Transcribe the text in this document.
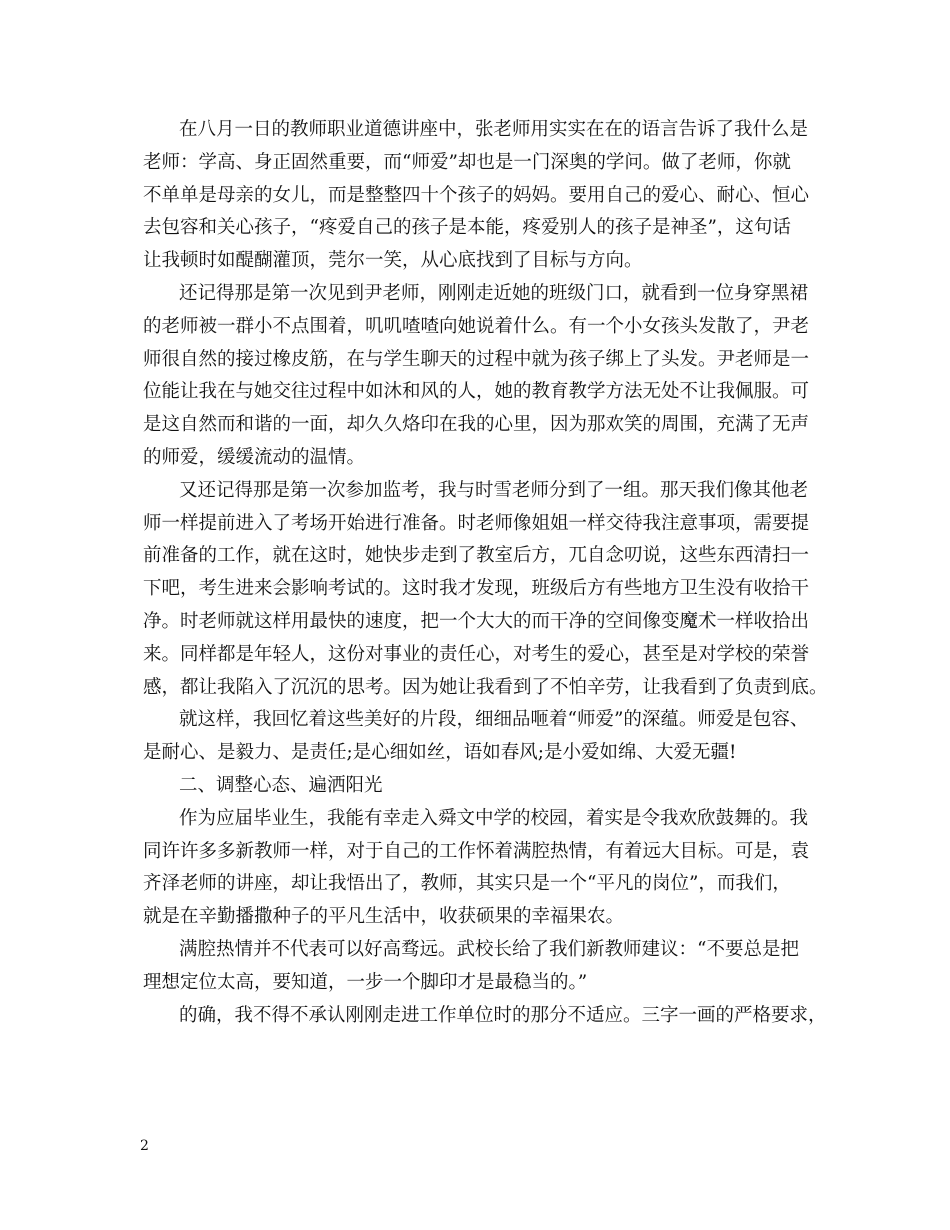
在八月一日的教师职业道德讲座中，张老师用实实在在的语言告诉了我什么是
老师：学高、身正固然重要，而“师爱”却也是一门深奥的学问。做了老师，你就
不单单是母亲的女儿，而是整整四十个孩子的妈妈。要用自己的爱心、耐心、恒心
去包容和关心孩子，“疼爱自己的孩子是本能，疼爱别人的孩子是神圣”，这句话
让我顿时如醍醐灌顶，莞尔一笑，从心底找到了目标与方向。
还记得那是第一次见到尹老师，刚刚走近她的班级门口，就看到一位身穿黑裙
的老师被一群小不点围着，叽叽喳喳向她说着什么。有一个小女孩头发散了，尹老
师很自然的接过橡皮筋，在与学生聊天的过程中就为孩子绑上了头发。尹老师是一
位能让我在与她交往过程中如沐和风的人，她的教育教学方法无处不让我佩服。可
是这自然而和谐的一面，却久久烙印在我的心里，因为那欢笑的周围，充满了无声
的师爱，缓缓流动的温情。
又还记得那是第一次参加监考，我与时雪老师分到了一组。那天我们像其他老
师一样提前进入了考场开始进行准备。时老师像姐姐一样交待我注意事项，需要提
前准备的工作，就在这时，她快步走到了教室后方，兀自念叨说，这些东西清扫一
下吧，考生进来会影响考试的。这时我才发现，班级后方有些地方卫生没有收拾干
净。时老师就这样用最快的速度，把一个大大的而干净的空间像变魔术一样收拾出
来。同样都是年轻人，这份对事业的责任心，对考生的爱心，甚至是对学校的荣誉
感，都让我陷入了沉沉的思考。因为她让我看到了不怕辛劳，让我看到了负责到底。
就这样，我回忆着这些美好的片段，细细品咂着“师爱”的深蕴。师爱是包容、
是耐心、是毅力、是责任;是心细如丝，语如春风;是小爱如绵、大爱无疆!
二、调整心态、遍洒阳光
作为应届毕业生，我能有幸走入舜文中学的校园，着实是令我欢欣鼓舞的。我
同许许多多新教师一样，对于自己的工作怀着满腔热情，有着远大目标。可是，袁
齐泽老师的讲座，却让我悟出了，教师，其实只是一个“平凡的岗位”，而我们，
就是在辛勤播撒种子的平凡生活中，收获硕果的幸福果农。
满腔热情并不代表可以好高骛远。武校长给了我们新教师建议：“不要总是把
理想定位太高，要知道，一步一个脚印才是最稳当的。”
的确，我不得不承认刚刚走进工作单位时的那分不适应。三字一画的严格要求，
2
